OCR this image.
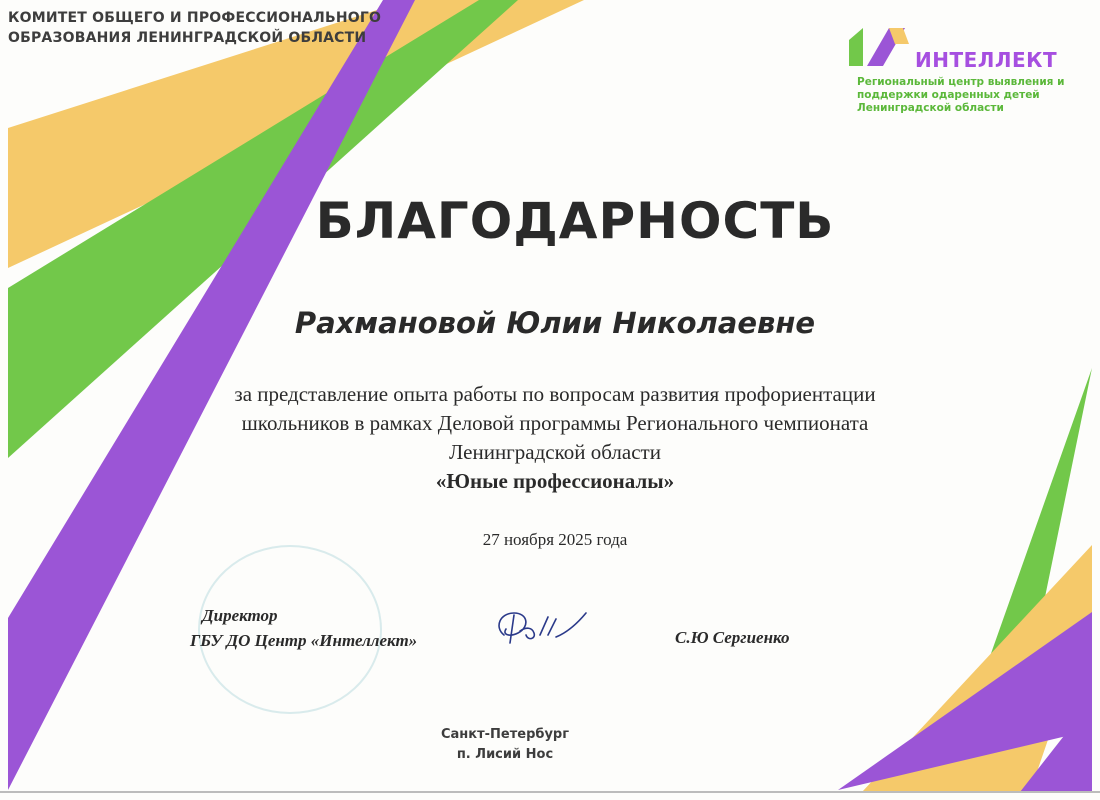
КОМИТЕТ ОБЩЕГО И ПРОФЕССИОНАЛЬНОГО
ОБРАЗОВАНИЯ ЛЕНИНГРАДСКОЙ ОБЛАСТИ
ИНТЕЛЛЕКТ
Региональный центр выявления и
поддержки одаренных детей
Ленинградской области
БЛАГОДАРНОСТЬ
Рахмановой Юлии Николаевне
за представление опыта работы по вопросам развития профориентации
школьников в рамках Деловой программы Регионального чемпионата
Ленинградской области
«Юные профессионалы»
27 ноября 2025 года
Директор
ГБУ ДО Центр «Интеллект»	С.Ю Сергиенко
Санкт-Петербург
п. Лисий Нос
